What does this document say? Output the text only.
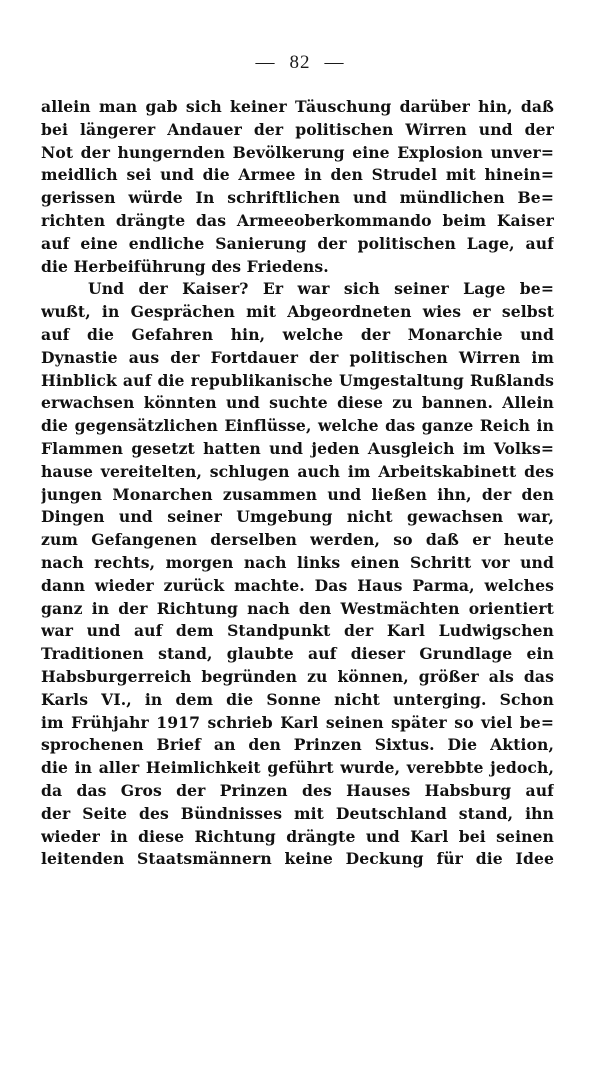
— 82 —
allein man gab sich keiner Täuschung darüber hin, daß
bei längerer Andauer der politischen Wirren und der
Not der hungernden Bevölkerung eine Explosion unver=
meidlich sei und die Armee in den Strudel mit hinein=
gerissen würde In schriftlichen und mündlichen Be=
richten drängte das Armeeoberkommando beim Kaiser
auf eine endliche Sanierung der politischen Lage, auf
die Herbeiführung des Friedens.
Und der Kaiser? Er war sich seiner Lage be=
wußt, in Gesprächen mit Abgeordneten wies er selbst
auf die Gefahren hin, welche der Monarchie und
Dynastie aus der Fortdauer der politischen Wirren im
Hinblick auf die republikanische Umgestaltung Rußlands
erwachsen könnten und suchte diese zu bannen. Allein
die gegensätzlichen Einflüsse, welche das ganze Reich in
Flammen gesetzt hatten und jeden Ausgleich im Volks=
hause vereitelten, schlugen auch im Arbeitskabinett des
jungen Monarchen zusammen und ließen ihn, der den
Dingen und seiner Umgebung nicht gewachsen war,
zum Gefangenen derselben werden, so daß er heute
nach rechts, morgen nach links einen Schritt vor und
dann wieder zurück machte. Das Haus Parma, welches
ganz in der Richtung nach den Westmächten orientiert
war und auf dem Standpunkt der Karl Ludwigschen
Traditionen stand, glaubte auf dieser Grundlage ein
Habsburgerreich begründen zu können, größer als das
Karls VI., in dem die Sonne nicht unterging. Schon
im Frühjahr 1917 schrieb Karl seinen später so viel be=
sprochenen Brief an den Prinzen Sixtus. Die Aktion,
die in aller Heimlichkeit geführt wurde, verebbte jedoch,
da das Gros der Prinzen des Hauses Habsburg auf
der Seite des Bündnisses mit Deutschland stand, ihn
wieder in diese Richtung drängte und Karl bei seinen
leitenden Staatsmännern keine Deckung für die Idee
